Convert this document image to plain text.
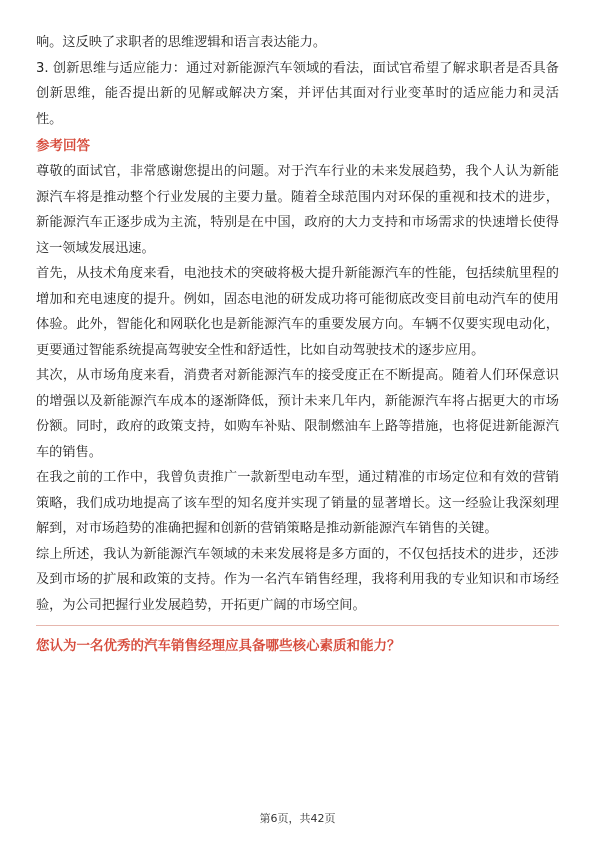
响。这反映了求职者的思维逻辑和语言表达能力。

3. 创新思维与适应能力：通过对新能源汽车领域的看法，面试官希望了解求职者是否具备创新思维，能否提出新的见解或解决方案，并评估其面对行业变革时的适应能力和灵活性。

参考回答

尊敬的面试官，非常感谢您提出的问题。对于汽车行业的未来发展趋势，我个人认为新能源汽车将是推动整个行业发展的主要力量。随着全球范围内对环保的重视和技术的进步，新能源汽车正逐步成为主流，特别是在中国，政府的大力支持和市场需求的快速增长使得这一领域发展迅速。

首先，从技术角度来看，电池技术的突破将极大提升新能源汽车的性能，包括续航里程的增加和充电速度的提升。例如，固态电池的研发成功将可能彻底改变目前电动汽车的使用体验。此外，智能化和网联化也是新能源汽车的重要发展方向。车辆不仅要实现电动化，更要通过智能系统提高驾驶安全性和舒适性，比如自动驾驶技术的逐步应用。

其次，从市场角度来看，消费者对新能源汽车的接受度正在不断提高。随着人们环保意识的增强以及新能源汽车成本的逐渐降低，预计未来几年内，新能源汽车将占据更大的市场份额。同时，政府的政策支持，如购车补贴、限制燃油车上路等措施，也将促进新能源汽车的销售。

在我之前的工作中，我曾负责推广一款新型电动车型，通过精准的市场定位和有效的营销策略，我们成功地提高了该车型的知名度并实现了销量的显著增长。这一经验让我深刻理解到，对市场趋势的准确把握和创新的营销策略是推动新能源汽车销售的关键。

综上所述，我认为新能源汽车领域的未来发展将是多方面的，不仅包括技术的进步，还涉及到市场的扩展和政策的支持。作为一名汽车销售经理，我将利用我的专业知识和市场经验，为公司把握行业发展趋势，开拓更广阔的市场空间。

您认为一名优秀的汽车销售经理应具备哪些核心素质和能力？

第6页，共42页
